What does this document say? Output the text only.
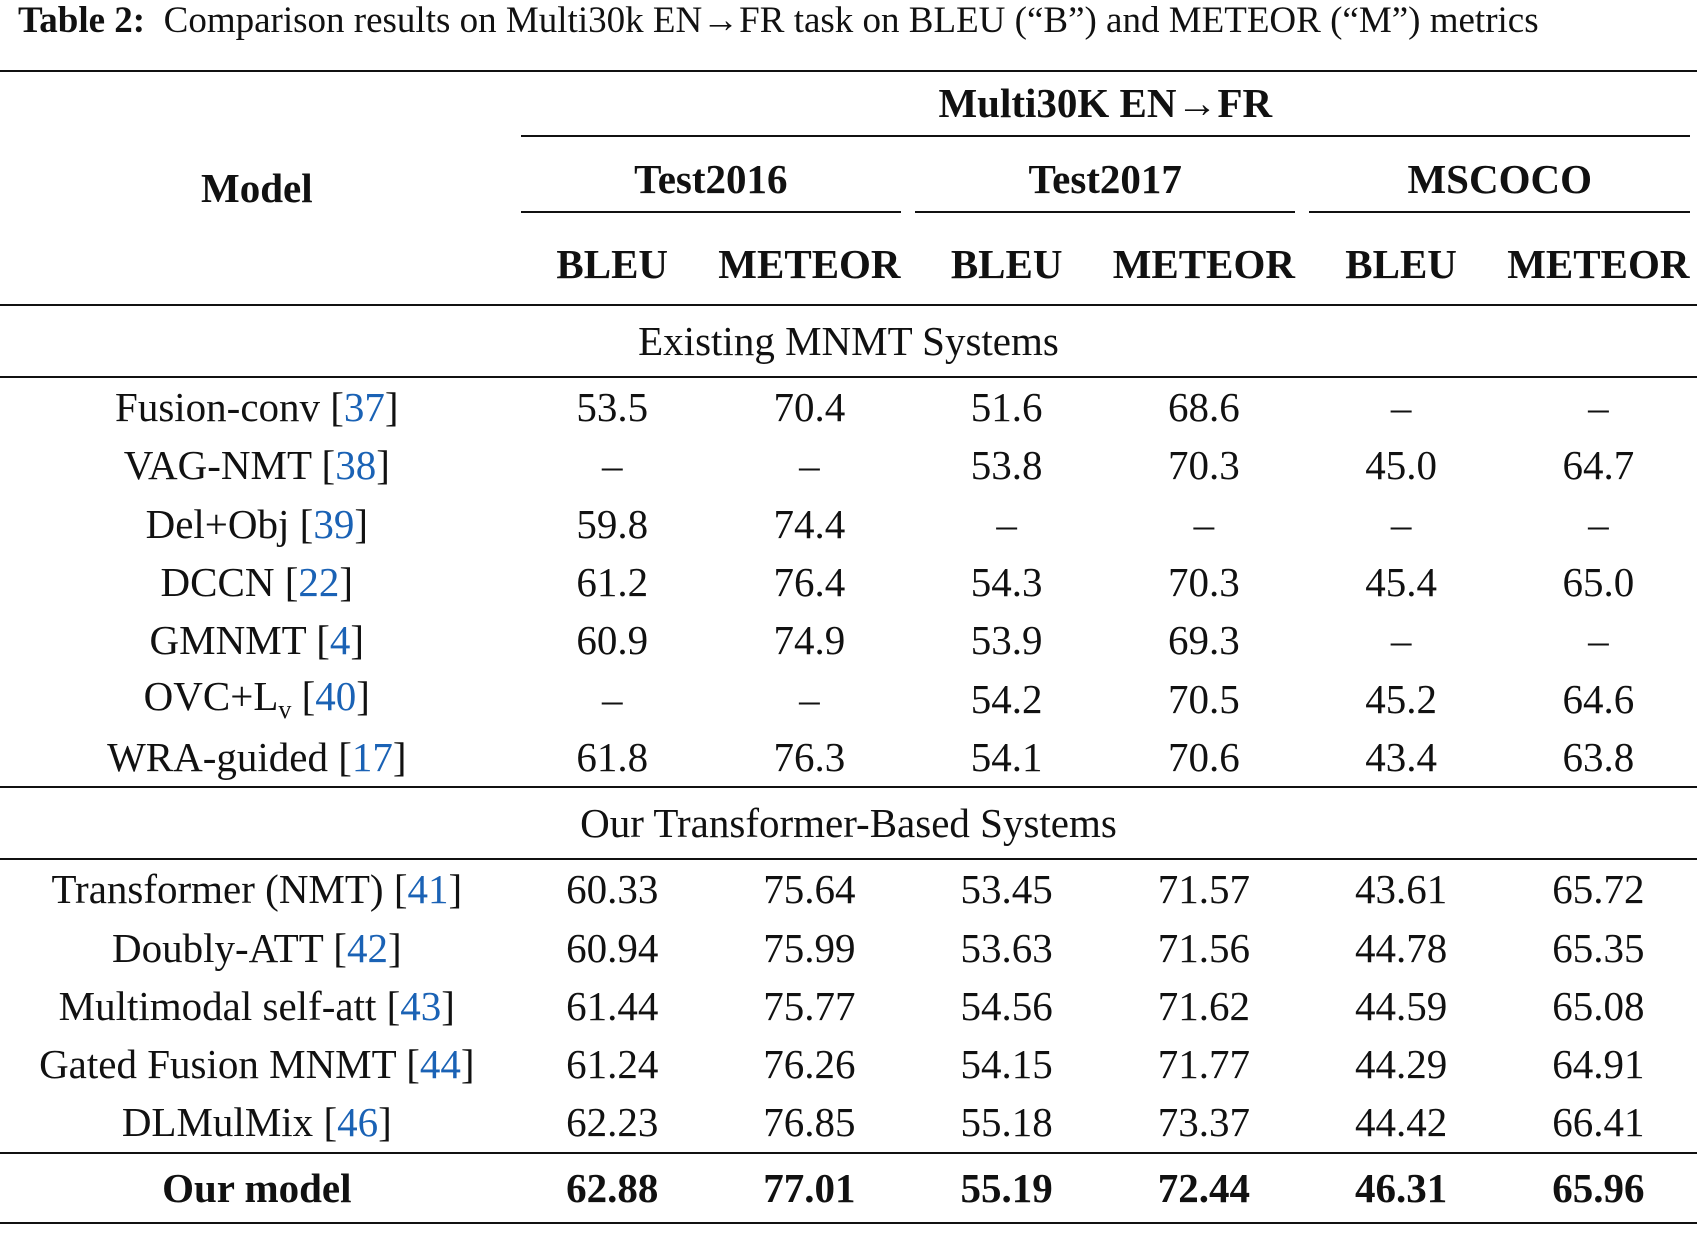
Table 2: Comparison results on Multi30k EN→FR task on BLEU (“B”) and METEOR (“M”) metrics
Model	Multi30K EN→FR					

	Test2016		Test2017		MSCOCO	

	BLEU	METEOR	BLEU	METEOR	BLEU	METEOR
Existing MNMT Systems						
Fusion-conv [37]	53.5	70.4	51.6	68.6	–	–
VAG-NMT [38]	–	–	53.8	70.3	45.0	64.7
Del+Obj [39]	59.8	74.4	–	–	–	–
DCCN [22]	61.2	76.4	54.3	70.3	45.4	65.0
GMNMT [4]	60.9	74.9	53.9	69.3	–	–
$OVC+L_v$ [40]	–	–	54.2	70.5	45.2	64.6
WRA-guided [17]	61.8	76.3	54.1	70.6	43.4	63.8
Our Transformer-Based Systems						
Transformer (NMT) [41]	60.33	75.64	53.45	71.57	43.61	65.72
Doubly-ATT [42]	60.94	75.99	53.63	71.56	44.78	65.35
Multimodal self-att [43]	61.44	75.77	54.56	71.62	44.59	65.08
Gated Fusion MNMT [44]	61.24	76.26	54.15	71.77	44.29	64.91
DLMulMix [46]	62.23	76.85	55.18	73.37	44.42	66.41
Our model	62.88	77.01	55.19	72.44	46.31	65.96
